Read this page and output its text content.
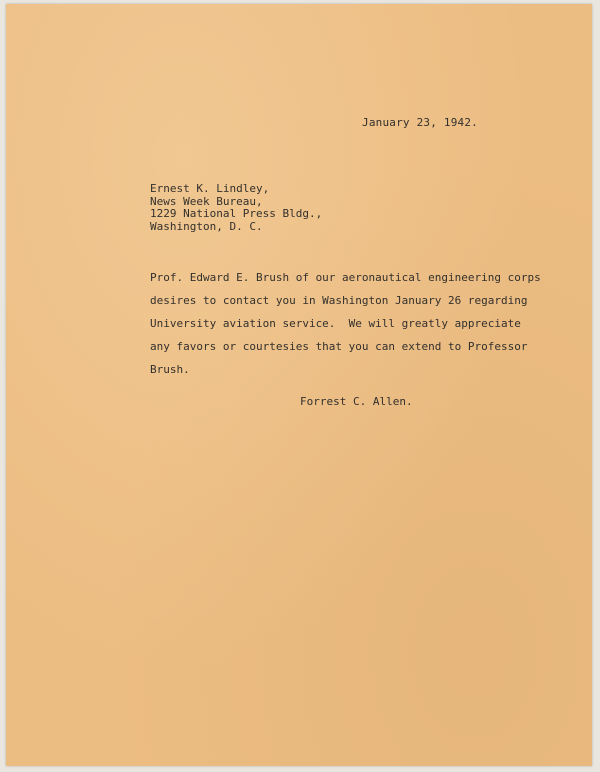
January 23, 1942.
Ernest K. Lindley,
News Week Bureau,
1229 National Press Bldg.,
Washington, D. C.
Prof. Edward E. Brush of our aeronautical engineering corps
desires to contact you in Washington January 26 regarding
University aviation service.  We will greatly appreciate
any favors or courtesies that you can extend to Professor
Brush.
Forrest C. Allen.
